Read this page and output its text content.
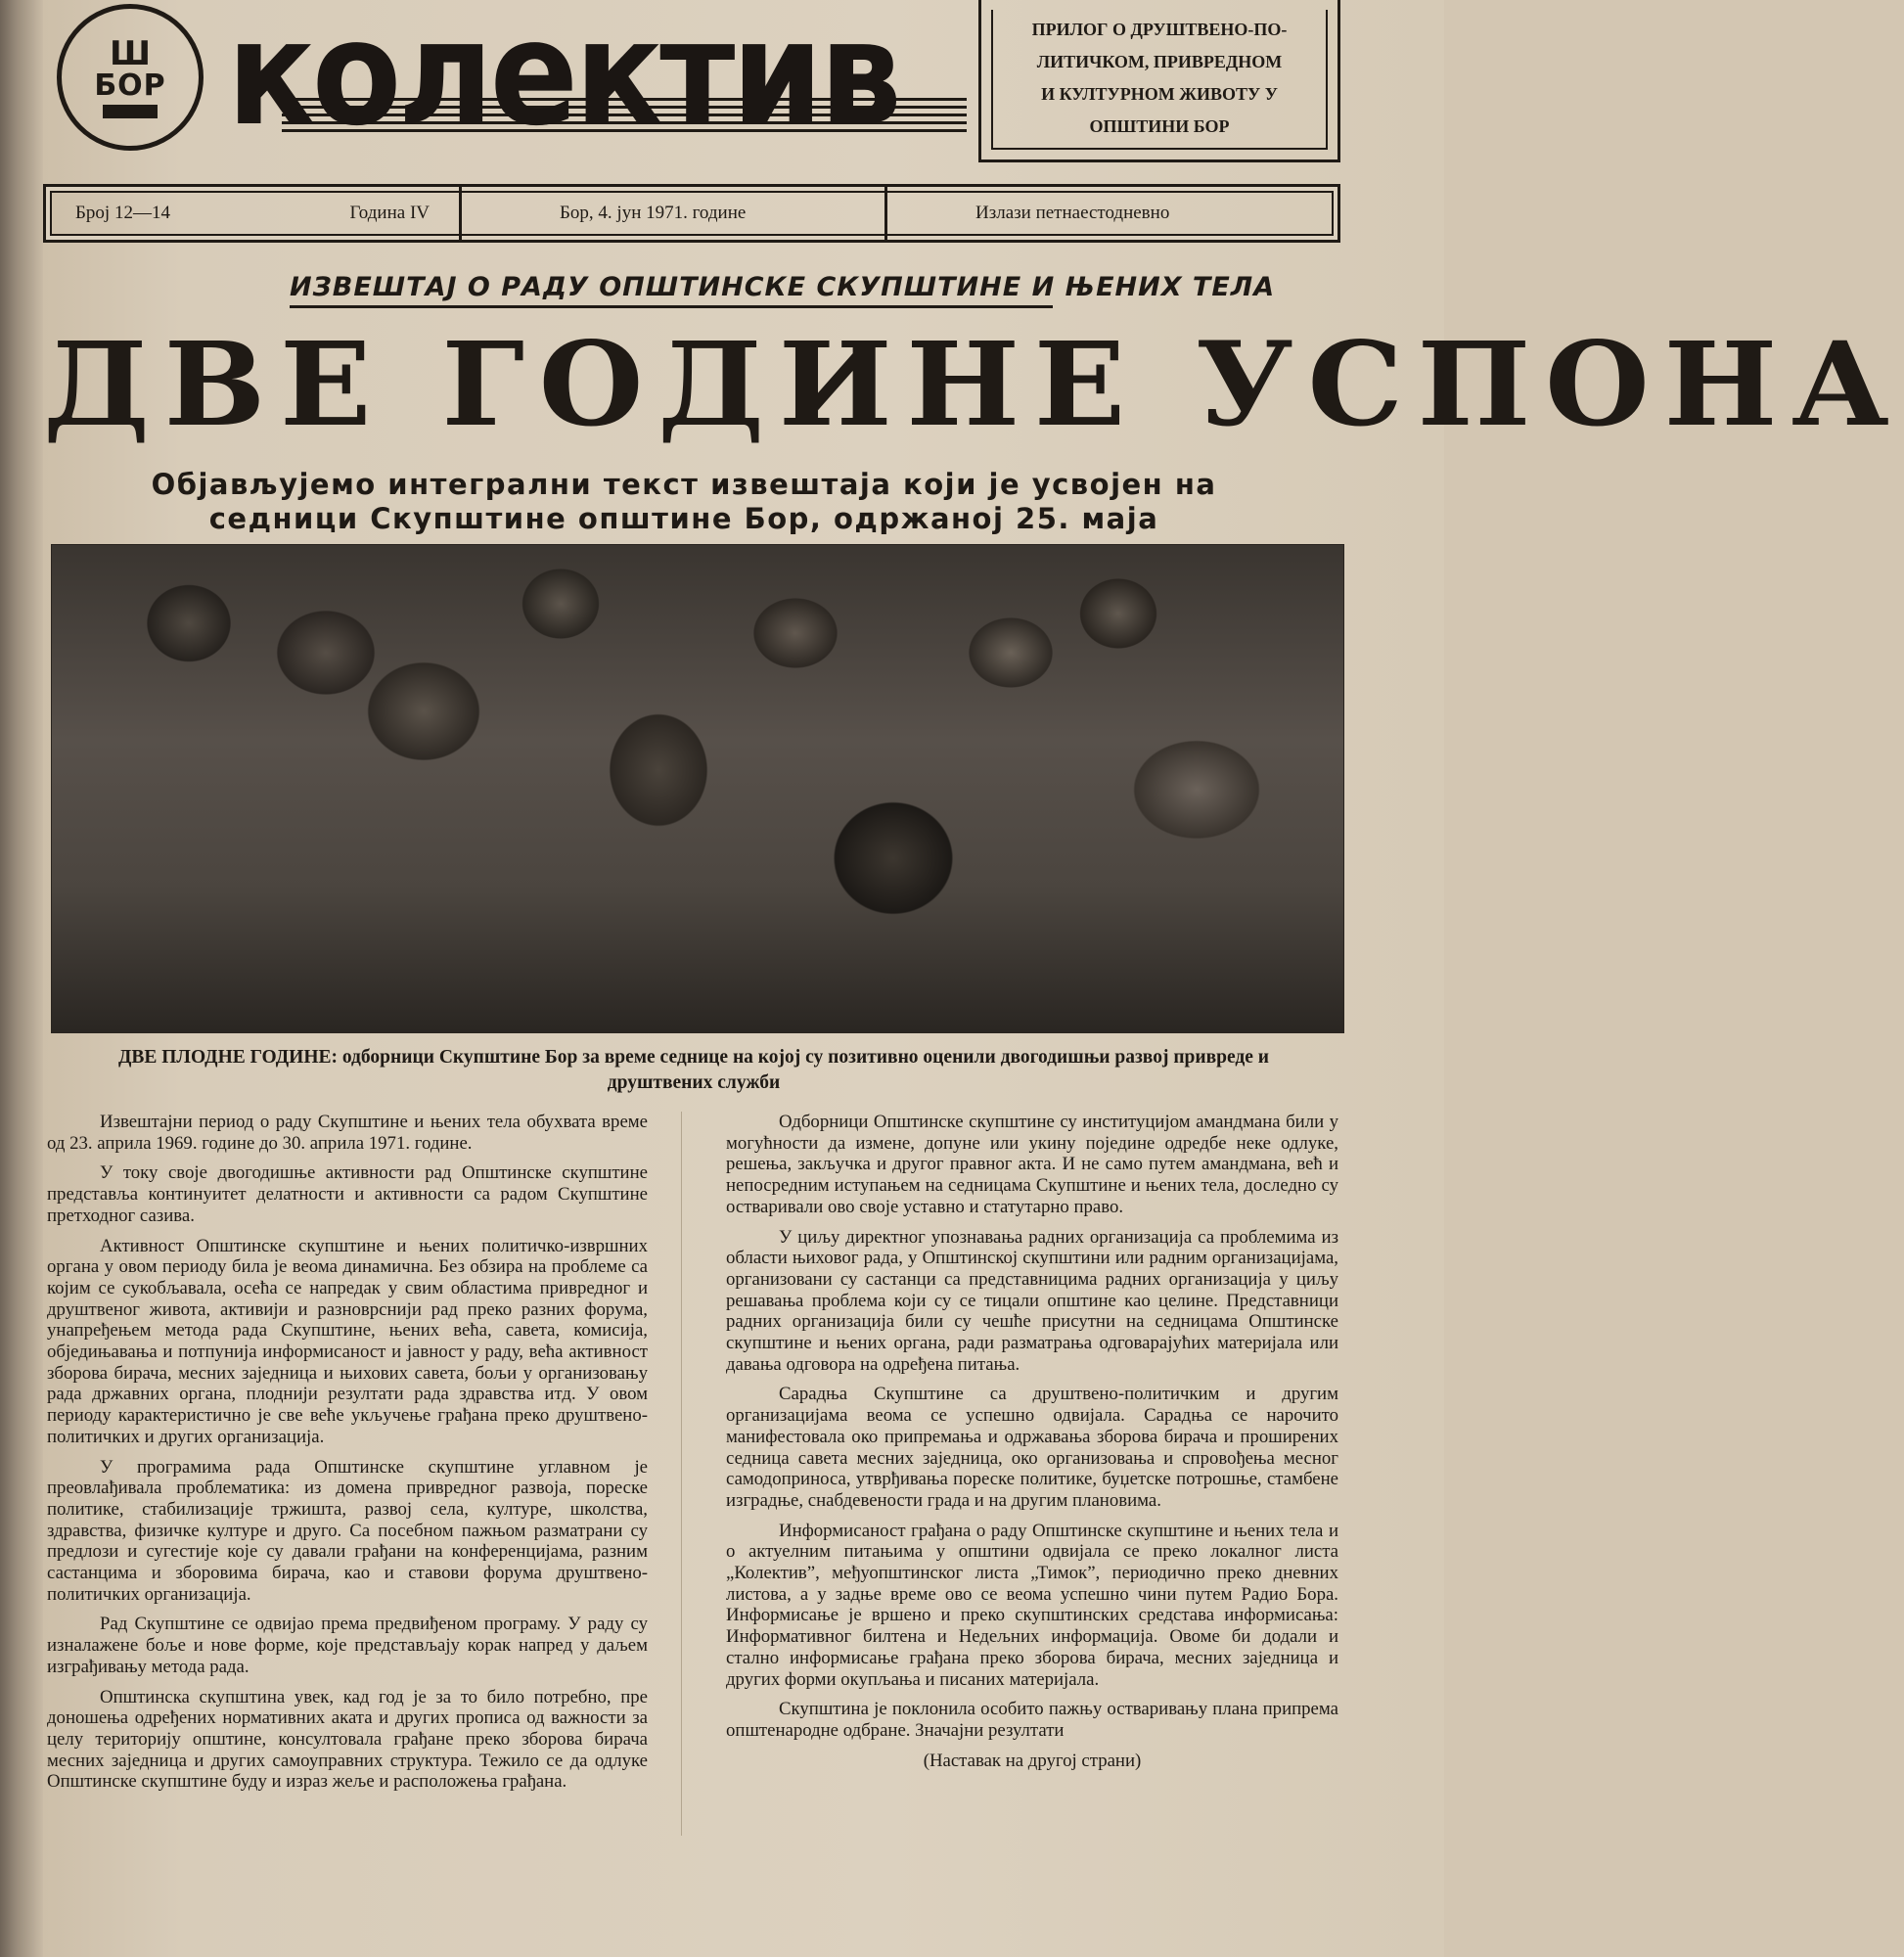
Ш
БОР колектив	ПРИЛОГ О ДРУШТВЕНО-ПО-
ЛИТИЧКОМ, ПРИВРЕДНОМ
И КУЛТУРНОМ ЖИВОТУ У
ОПШТИНИ БОР
Број 12—14	Година IV	Бор, 4. јун 1971. године	Излази петнаестодневно
ИЗВЕШТАЈ О РАДУ ОПШТИНСКЕ СКУПШТИНЕ И ЊЕНИХ ТЕЛА
ДВЕ ГОДИНЕ УСПОНА
Објављујемо интегрални текст извештаја који је усвојен на седници Скупштине општине Бор, одржаној 25. маја
ДВЕ ПЛОДНЕ ГОДИНЕ: одборници Скупштине Бор за време седнице на којој су позитивно оценили двогодишњи развој привреде и друштвених служби

Извештајни период о раду Скупштине и њених тела обухвата време од 23. априла 1969. године до 30. априла 1971. године.

У току своје двогодишње активности рад Општинске скупштине представља континуитет делатности и активности са радом Скупштине претходног сазива.

Активност Општинске скупштине и њених политичко-извршних органа у овом периоду била је веома динамична. Без обзира на проблеме са којим се сукобљавала, осећа се напредак у свим областима привредног и друштвеног живота, активији и разноврснији рад преко разних форума, унапређењем метода рада Скупштине, њених већа, савета, комисија, обједињавања и потпунија информисаност и јавност у раду, већа активност зборова бирача, месних заједница и њихових савета, бољи у организовању рада државних органа, плоднији резултати рада здравства итд. У овом периоду карактеристично је све веће укључење грађана преко друштвено-политичких и других организација.

У програмима рада Општинске скупштине углавном је преовлађивала проблематика: из домена привредног развоја, пореске политике, стабилизације тржишта, развој села, културе, школства, здравства, физичке културе и друго. Са посебном пажњом разматрани су предлози и сугестије које су давали грађани на конференцијама, разним састанцима и зборовима бирача, као и ставови форума друштвено-политичких организација.

Рад Скупштине се одвијао према предвиђеном програму. У раду су изналажене боље и нове форме, које представљају корак напред у даљем изграђивању метода рада.

Општинска скупштина увек, кад год је за то било потребно, пре доношења одређених нормативних аката и других прописа од важности за целу територију општине, консултовала грађане преко зборова бирача месних заједница и других самоуправних структура. Тежило се да одлуке Општинске скупштине буду и израз жеље и расположења грађана.

Одборници Општинске скупштине су институцијом амандмана били у могућности да измене, допуне или укину поједине одредбе неке одлуке, решења, закључка и другог правног акта. И не само путем амандмана, већ и непосредним иступањем на седницама Скупштине и њених тела, доследно су остваривали ово своје уставно и статутарно право.

У циљу директног упознавања радних организација са проблемима из области њиховог рада, у Општинској скупштини или радним организацијама, организовани су састанци са представницима радних организација у циљу решавања проблема који су се тицали општине као целине. Представници радних организација били су чешће присутни на седницама Општинске скупштине и њених органа, ради разматрања одговарајућих материјала или давања одговора на одређена питања.

Сарадња Скупштине са друштвено-политичким и другим организацијама веома се успешно одвијала. Сарадња се нарочито манифестовала око припремања и одржавања зборова бирача и проширених седница савета месних заједница, око организовања и спровођења месног самодоприноса, утврђивања пореске политике, буџетске потрошње, стамбене изградње, снабдевености града и на другим плановима.

Информисаност грађана о раду Општинске скупштине и њених тела и о актуелним питањима у општини одвијала се преко локалног листа „Колектив”, међуопштинског листа „Тимок”, периодично преко дневних листова, а у задње време ово се веома успешно чини путем Радио Бора. Информисање је вршено и преко скупштинских средстава информисања: Информативног билтена и Недељних информација. Овоме би додали и стално информисање грађана преко зборова бирача, месних заједница и других форми окупљања и писаних материјала.

Скупштина је поклонила особито пажњу остваривању плана припрема општенародне одбране. Значајни резултати

(Наставак на другој страни)
